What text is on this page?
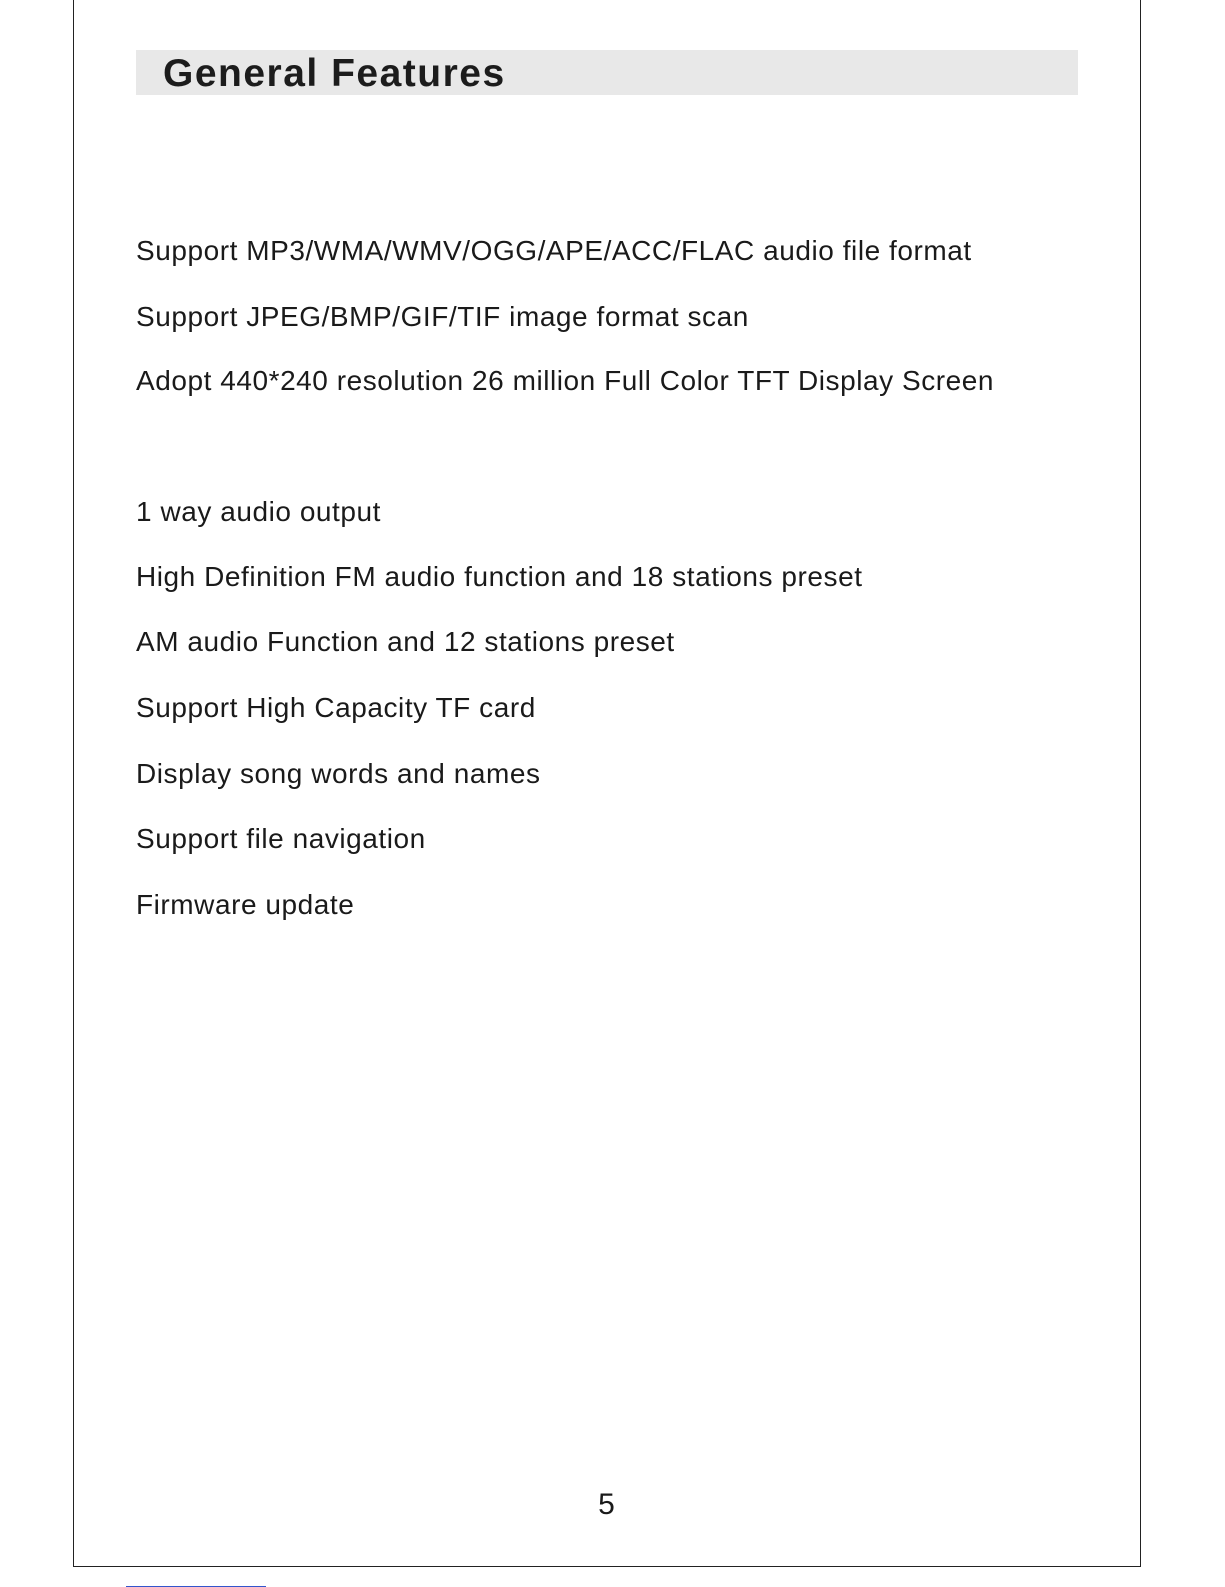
General Features
Support MP3/WMA/WMV/OGG/APE/ACC/FLAC audio file format
Support JPEG/BMP/GIF/TIF image format scan
Adopt 440*240 resolution 26 million Full Color TFT Display Screen
1 way audio output
High Definition FM audio function and 18 stations preset
AM audio Function and 12 stations preset
Support High Capacity TF card
Display song words and names
Support file navigation
Firmware update
5
